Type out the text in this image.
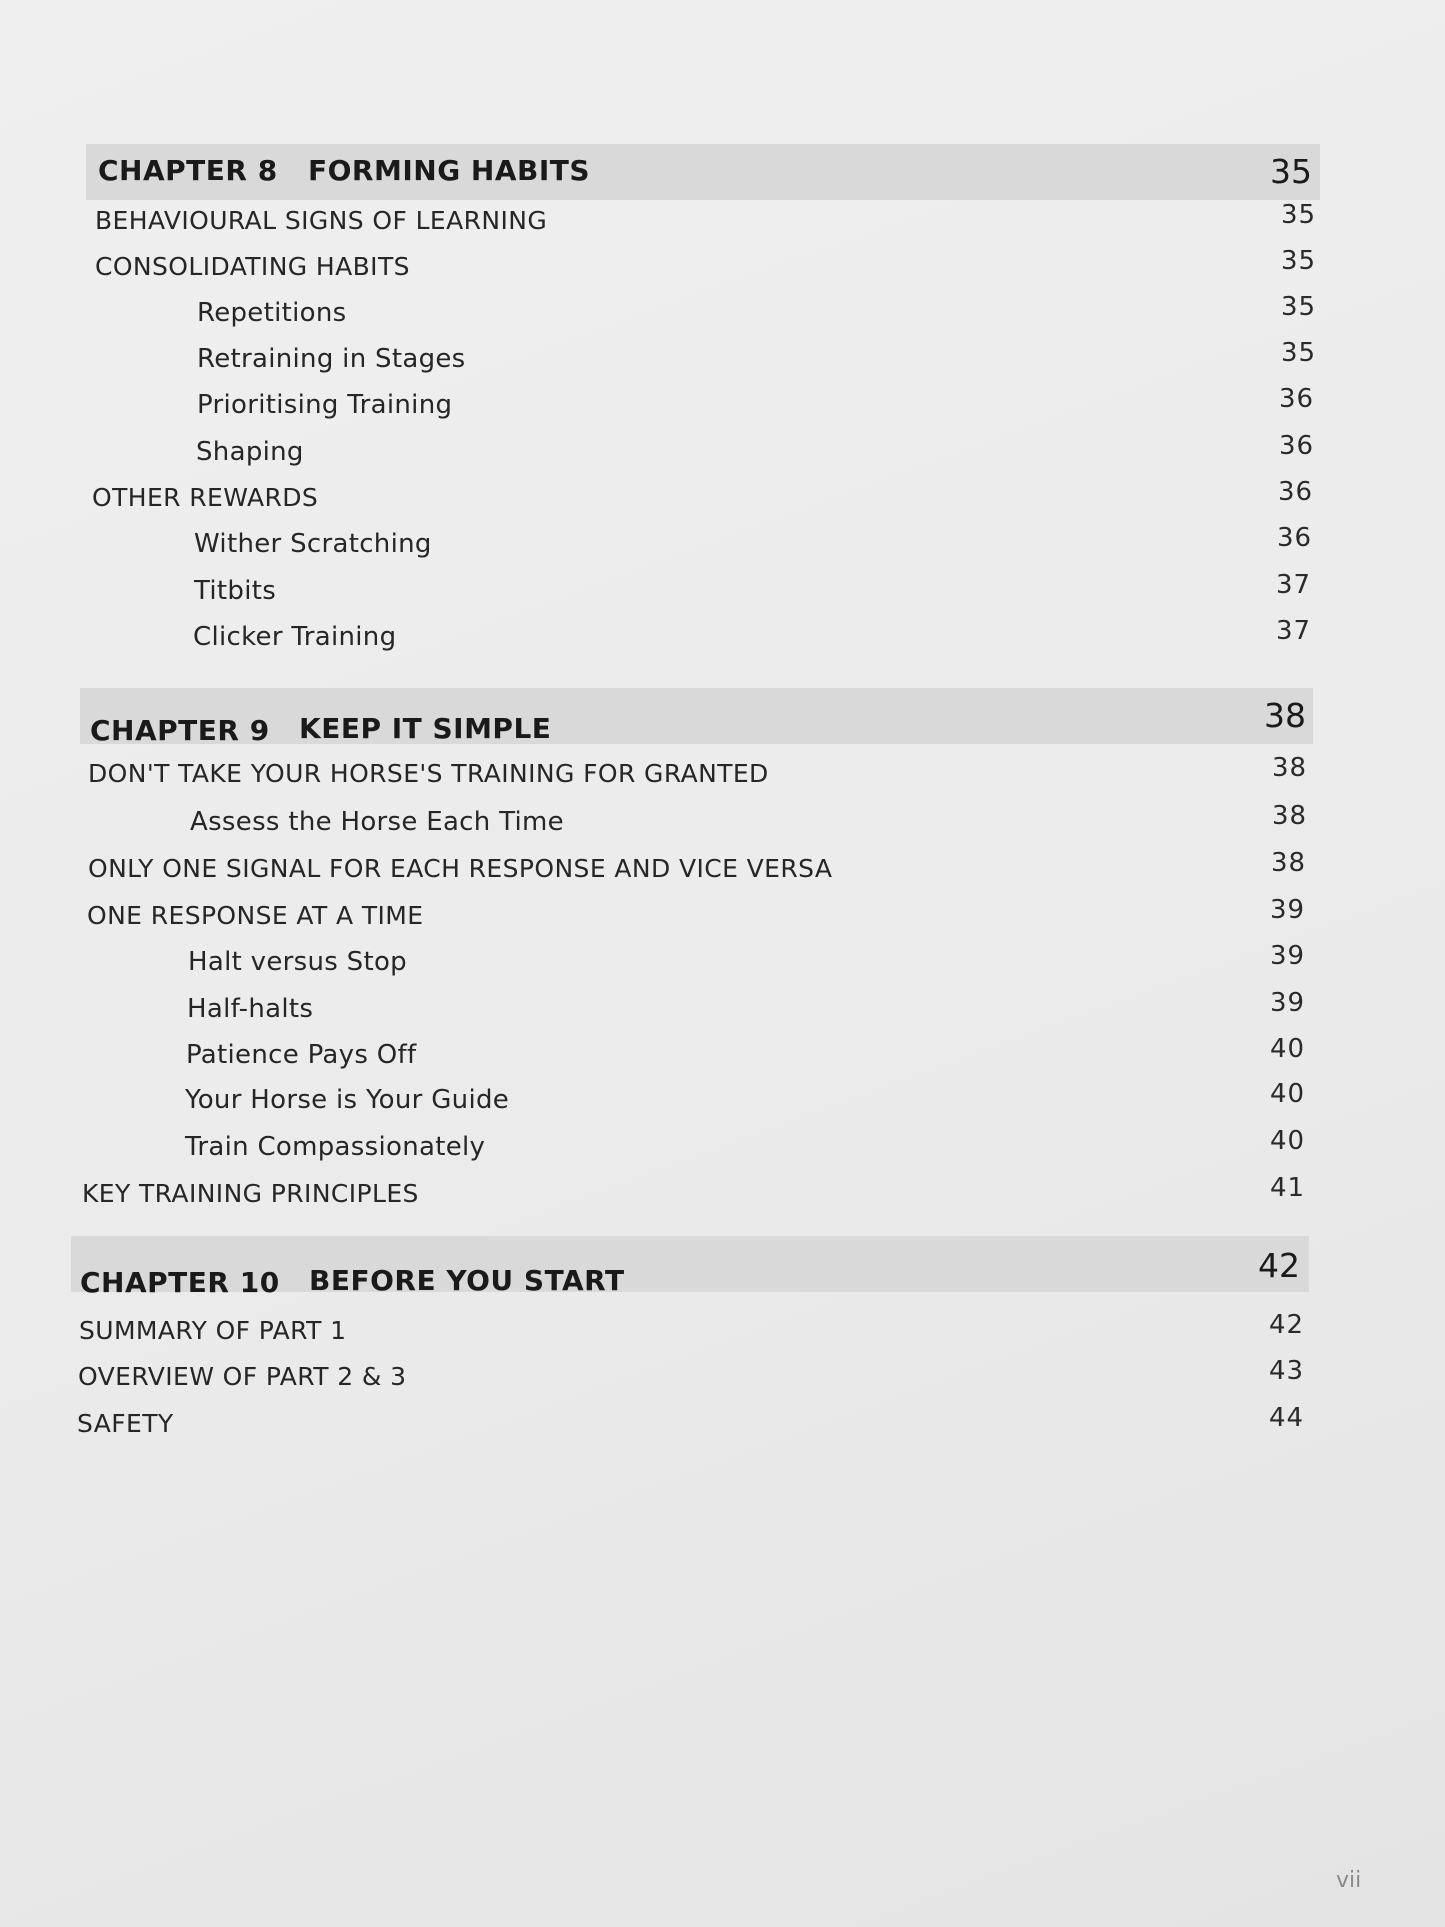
CHAPTER 8 FORMING HABITS	35
BEHAVIOURAL SIGNS OF LEARNING	35
CONSOLIDATING HABITS	35
Repetitions	35
Retraining in Stages	35
Prioritising Training	36
Shaping	36
OTHER REWARDS	36
Wither Scratching	36
Titbits	37
Clicker Training	37
CHAPTER 9 KEEP IT SIMPLE	38
DON'T TAKE YOUR HORSE'S TRAINING FOR GRANTED	38
Assess the Horse Each Time	38
ONLY ONE SIGNAL FOR EACH RESPONSE AND VICE VERSA	38
ONE RESPONSE AT A TIME	39
Halt versus Stop	39
Half-halts	39
Patience Pays Off	40
Your Horse is Your Guide	40
Train Compassionately	40
KEY TRAINING PRINCIPLES	41
CHAPTER 10 BEFORE YOU START	42
SUMMARY OF PART 1	42
OVERVIEW OF PART 2 & 3	43
SAFETY	44
vii
